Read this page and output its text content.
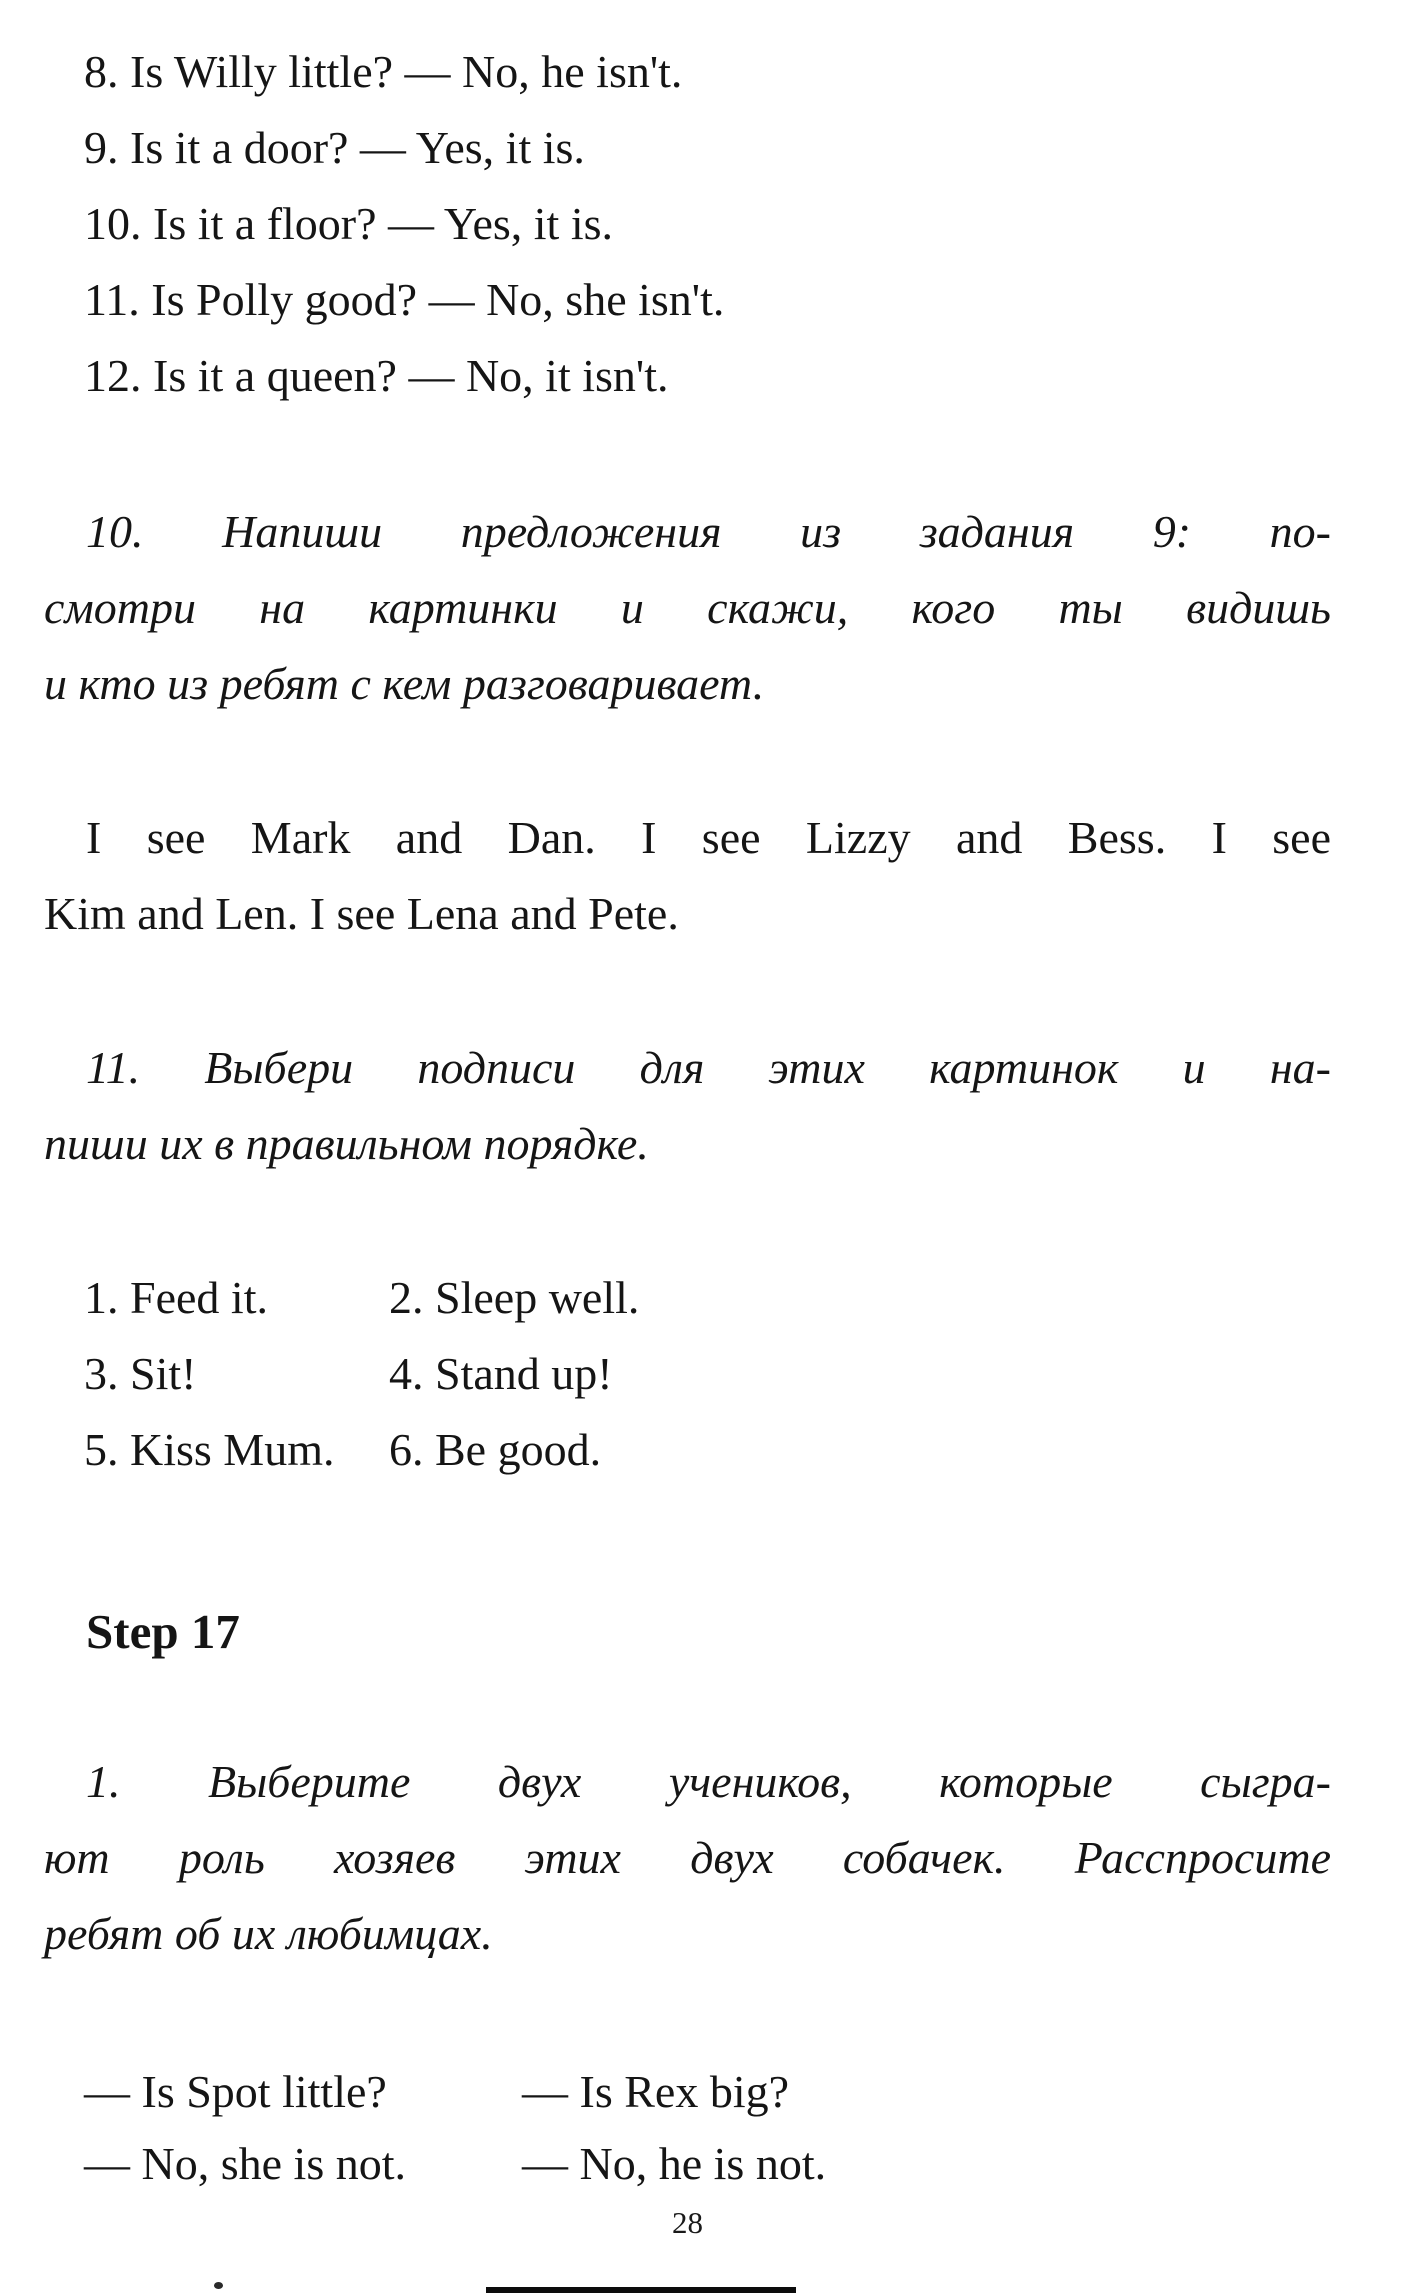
8. Is Willy little? — No, he isn't.
9. Is it a door? — Yes, it is.
10. Is it a floor? — Yes, it is.
11. Is Polly good? — No, she isn't.
12. Is it a queen? — No, it isn't.
10. Напиши предложения из задания 9: по-
смотри на картинки и скажи, кого ты видишь
и кто из ребят с кем разговаривает.
I see Mark and Dan. I see Lizzy and Bess. I see
Kim and Len. I see Lena and Pete.
11. Выбери подписи для этих картинок и на-
пиши их в правильном порядке.
1. Feed it.	2. Sleep well.
3. Sit!	4. Stand up!
5. Kiss Mum.	6. Be good.
Step 17
1. Выберите двух учеников, которые сыгра-
ют роль хозяев этих двух собачек. Расспросите
ребят об их любимцах.
— Is Spot little?	— Is Rex big?
— No, she is not.	— No, he is not.
28
